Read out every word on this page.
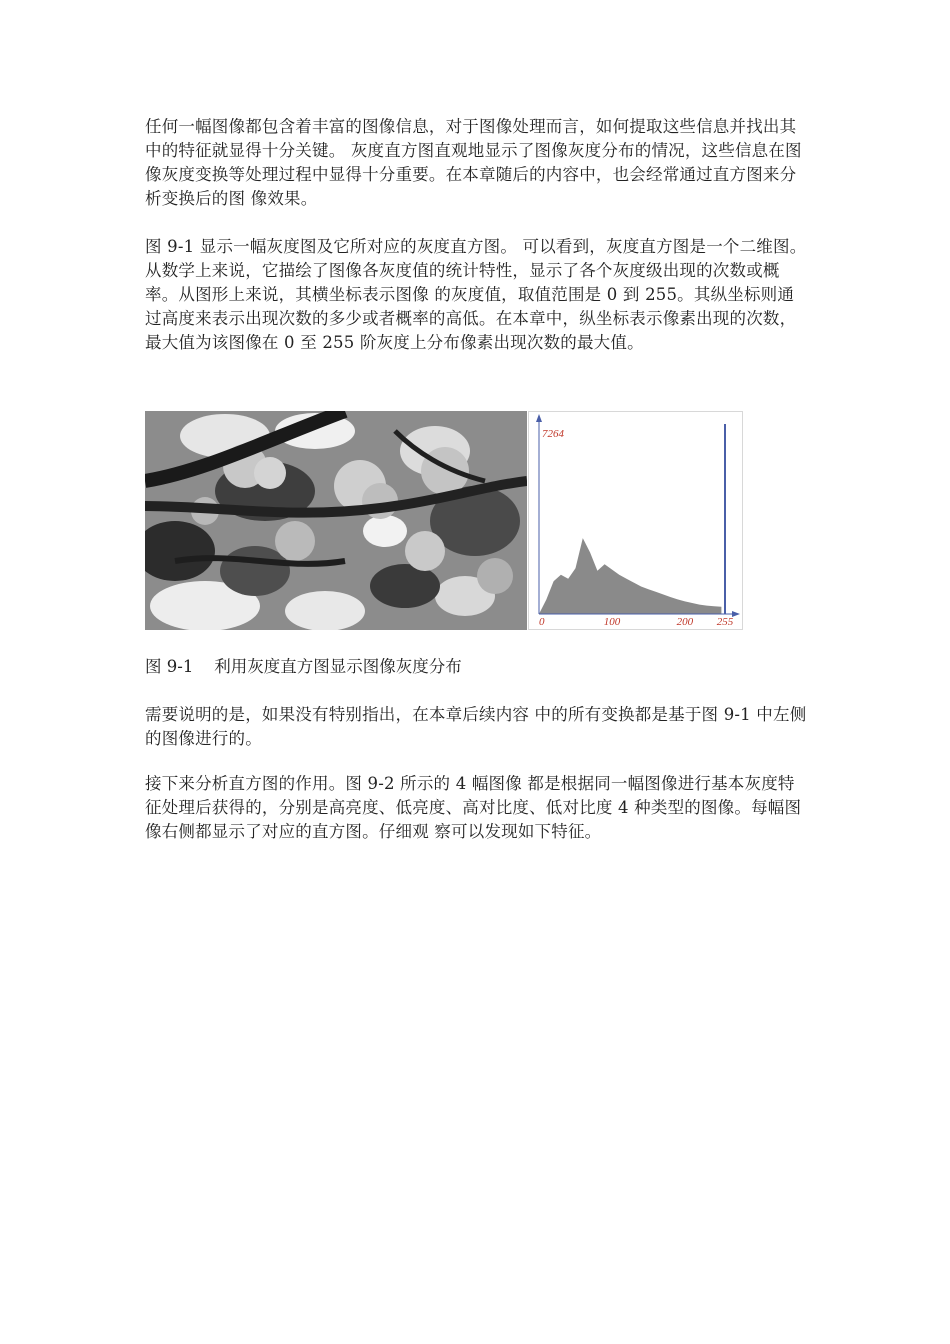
任何一幅图像都包含着丰富的图像信息，对于图像处理而言，如何提取这些信息并找出其中的特征就显得十分关键。 灰度直方图直观地显示了图像灰度分布的情况，这些信息在图像灰度变换等处理过程中显得十分重要。在本章随后的内容中，也会经常通过直方图来分析变换后的图 像效果。

图 9-1 显示一幅灰度图及它所对应的灰度直方图。 可以看到，灰度直方图是一个二维图。从数学上来说，它描绘了图像各灰度值的统计特性，显示了各个灰度级出现的次数或概率。从图形上来说，其横坐标表示图像 的灰度值，取值范围是 0 到 255。其纵坐标则通过高度来表示出现次数的多少或者概率的高低。在本章中，纵坐标表示像素出现的次数，最大值为该图像在 0 至 255 阶灰度上分布像素出现次数的最大值。

7264
0	100	200 255
图 9-1    利用灰度直方图显示图像灰度分布

需要说明的是，如果没有特别指出，在本章后续内容 中的所有变换都是基于图 9-1 中左侧的图像进行的。

接下来分析直方图的作用。图 9-2 所示的 4 幅图像 都是根据同一幅图像进行基本灰度特征处理后获得的，分别是高亮度、低亮度、高对比度、低对比度 4 种类型的图像。每幅图像右侧都显示了对应的直方图。仔细观 察可以发现如下特征。
